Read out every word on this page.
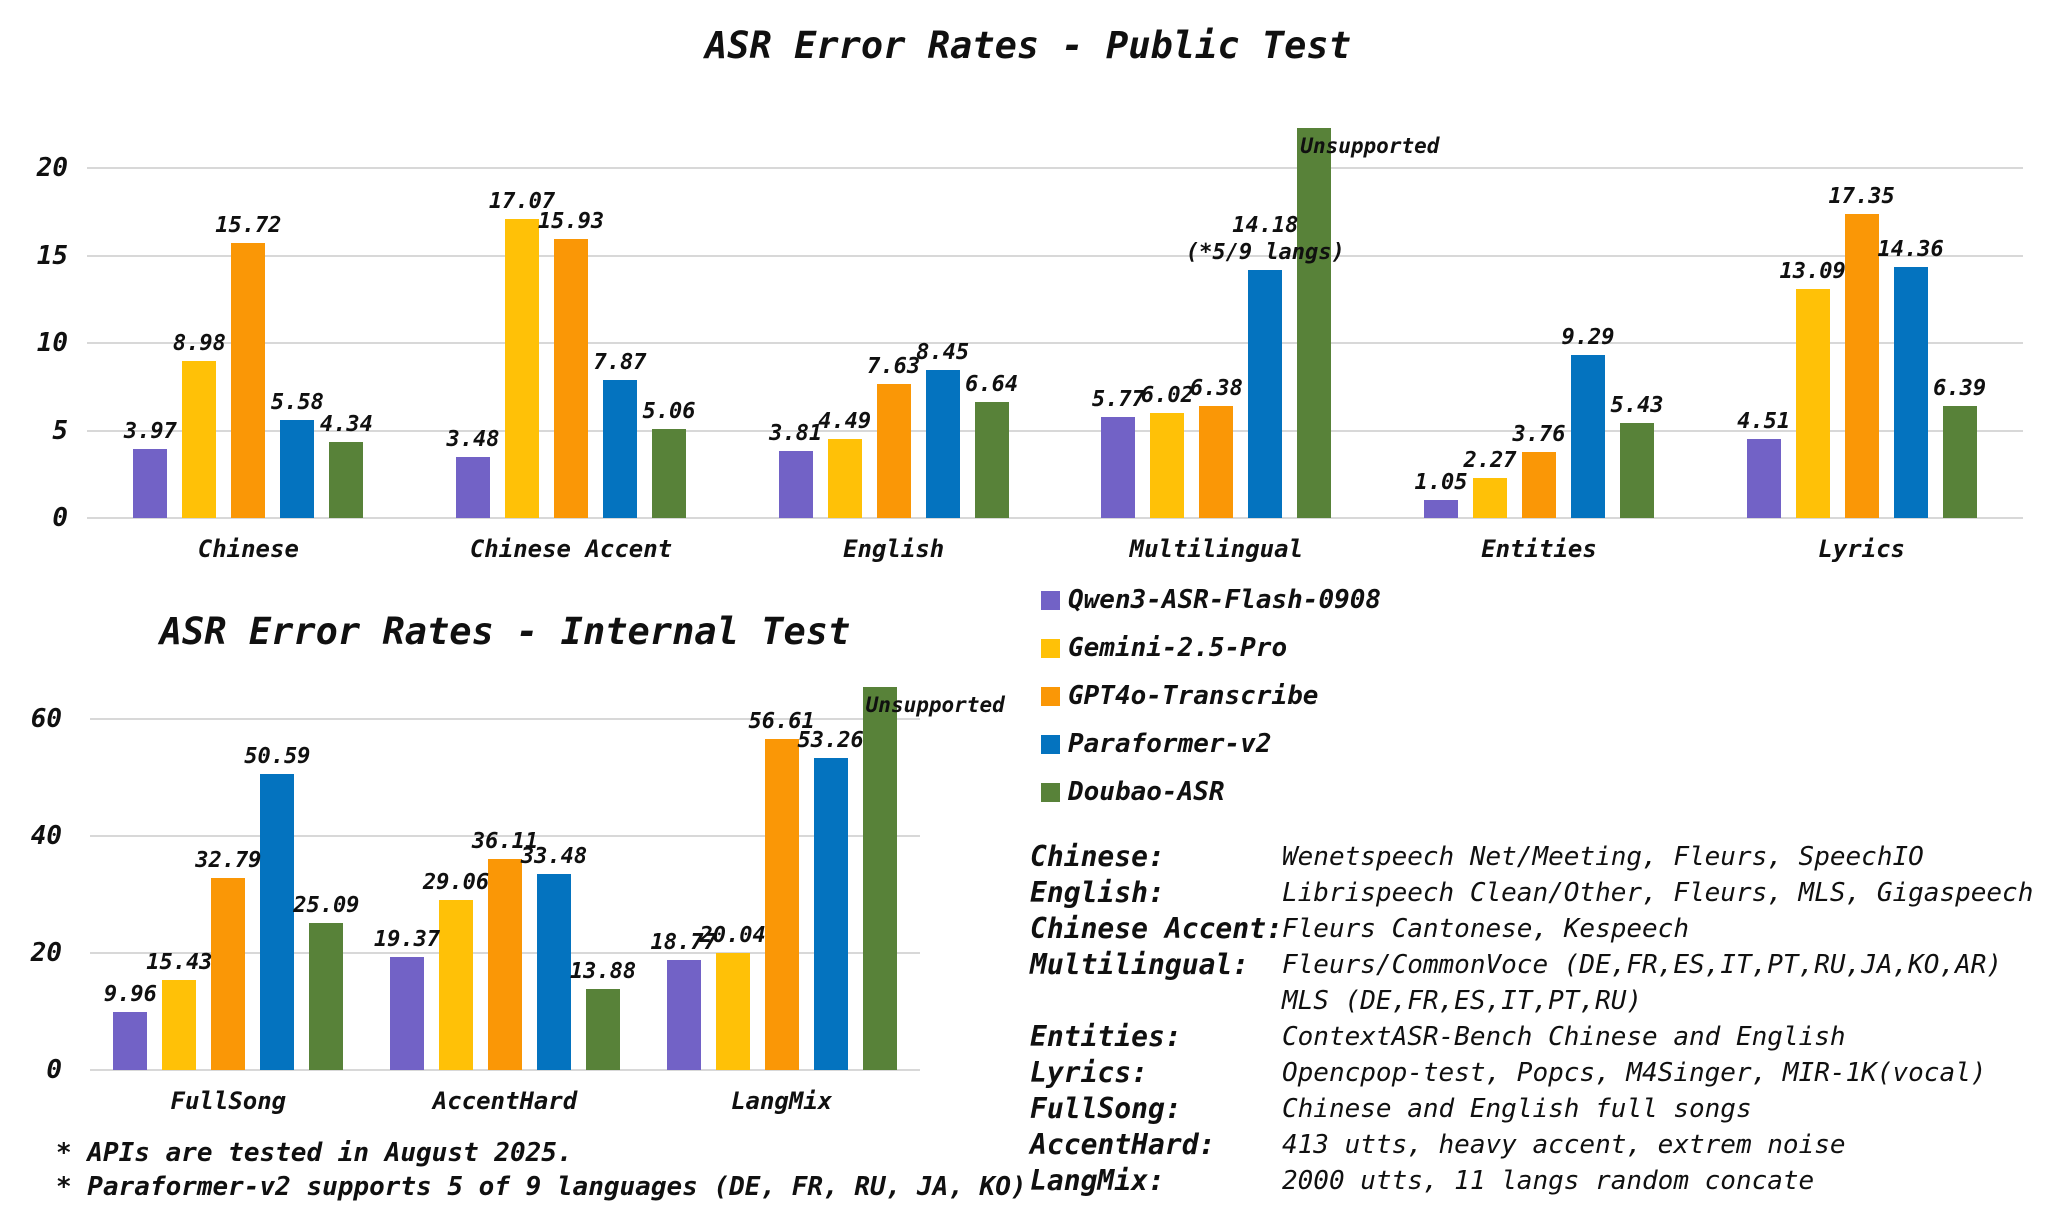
ASR Error Rates - Public Test
0
5
10
15
20
Chinese
3.97
8.98
15.72
5.58
4.34
Chinese Accent
3.48
17.07
15.93
7.87
5.06
English
3.81
4.49
7.63
8.45
6.64
Multilingual
5.77
6.02
6.38
14.18
(*5/9 langs)
Unsupported
Entities
1.05
2.27
3.76
9.29
5.43
Lyrics
4.51
13.09
17.35
14.36
6.39
ASR Error Rates - Internal Test
0
20
40
60
FullSong
9.96
15.43
32.79
50.59
25.09
AccentHard
19.37
29.06
36.11
33.48
13.88
LangMix
18.77
20.04
56.61
53.26
Unsupported
Qwen3-ASR-Flash-0908
Gemini-2.5-Pro
GPT4o-Transcribe
Paraformer-v2
Doubao-ASR
Chinese:	Wenetspeech Net/Meeting, Fleurs, SpeechIO
English:	Librispeech Clean/Other, Fleurs, MLS, Gigaspeech
Chinese Accent: Fleurs Cantonese, Kespeech
Multilingual: Fleurs/CommonVoce (DE,FR,ES,IT,PT,RU,JA,KO,AR)
MLS (DE,FR,ES,IT,PT,RU)
Entities:	ContextASR-Bench Chinese and English
Lyrics:	Opencpop-test, Popcs, M4Singer, MIR-1K(vocal)
FullSong:	Chinese and English full songs
AccentHard:	413 utts, heavy accent, extrem noise
LangMix:	2000 utts, 11 langs random concate
* APIs are tested in August 2025.
* Paraformer-v2 supports 5 of 9 languages (DE, FR, RU, JA, KO)
